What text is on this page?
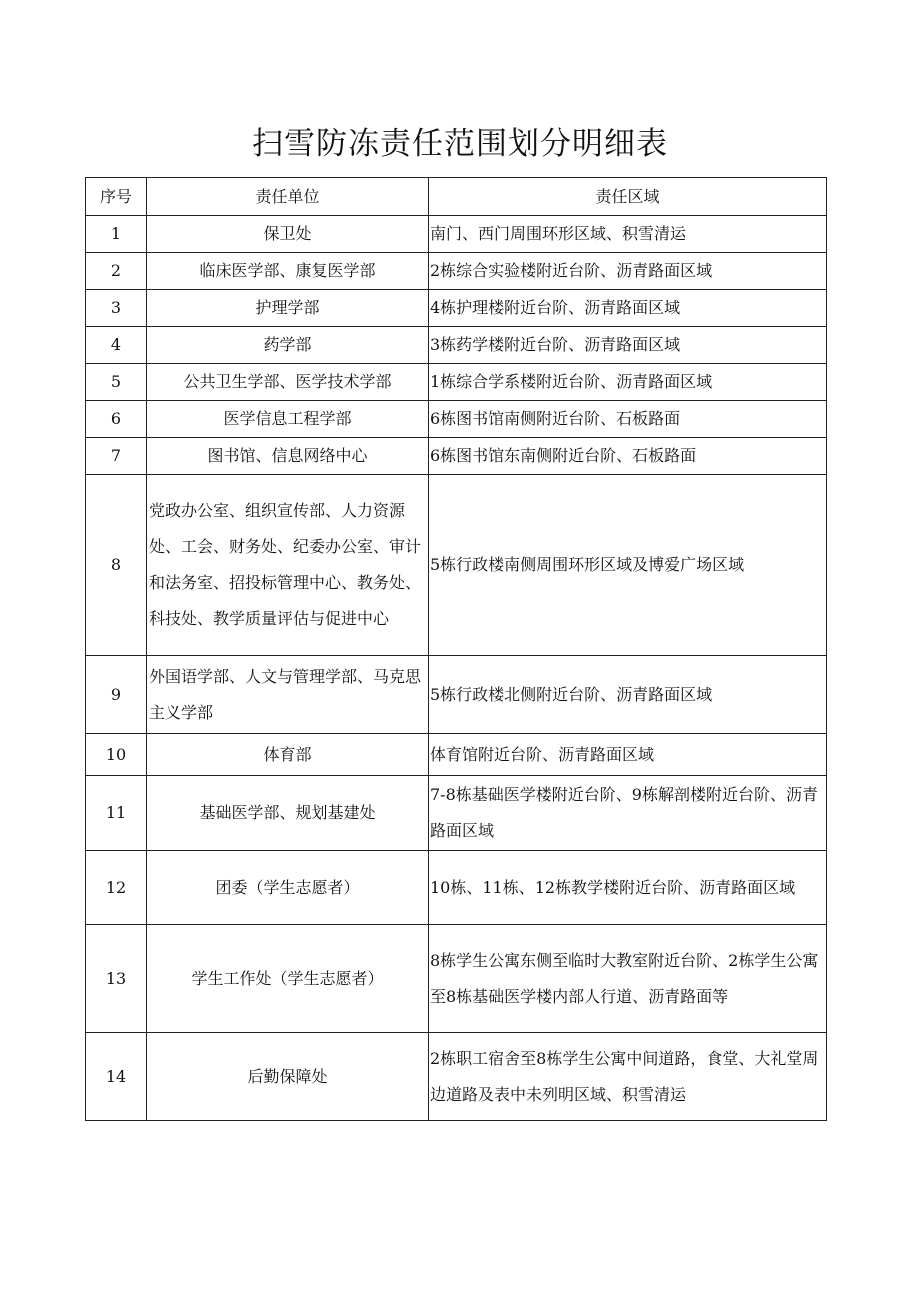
扫雪防冻责任范围划分明细表
序号	责任单位	责任区域
1	保卫处	南门、西门周围环形区域、积雪清运
2	临床医学部、康复医学部	2栋综合实验楼附近台阶、沥青路面区域
3	护理学部	4栋护理楼附近台阶、沥青路面区域
4	药学部	3栋药学楼附近台阶、沥青路面区域
5	公共卫生学部、医学技术学部	1栋综合学系楼附近台阶、沥青路面区域
6	医学信息工程学部	6栋图书馆南侧附近台阶、石板路面
7	图书馆、信息网络中心	6栋图书馆东南侧附近台阶、石板路面
8	党政办公室、组织宣传部、人力资源处、工会、财务处、纪委办公室、审计和法务室、招投标管理中心、教务处、科技处、教学质量评估与促进中心	5栋行政楼南侧周围环形区域及博爱广场区域
9	外国语学部、人文与管理学部、马克思主义学部	5栋行政楼北侧附近台阶、沥青路面区域
10	体育部	体育馆附近台阶、沥青路面区域
11	基础医学部、规划基建处	7-8栋基础医学楼附近台阶、9栋解剖楼附近台阶、沥青路面区域
12	团委（学生志愿者）	10栋、11栋、12栋教学楼附近台阶、沥青路面区域
13	学生工作处（学生志愿者）	8栋学生公寓东侧至临时大教室附近台阶、2栋学生公寓至8栋基础医学楼内部人行道、沥青路面等
14	后勤保障处	2栋职工宿舍至8栋学生公寓中间道路，食堂、大礼堂周边道路及表中未列明区域、积雪清运
